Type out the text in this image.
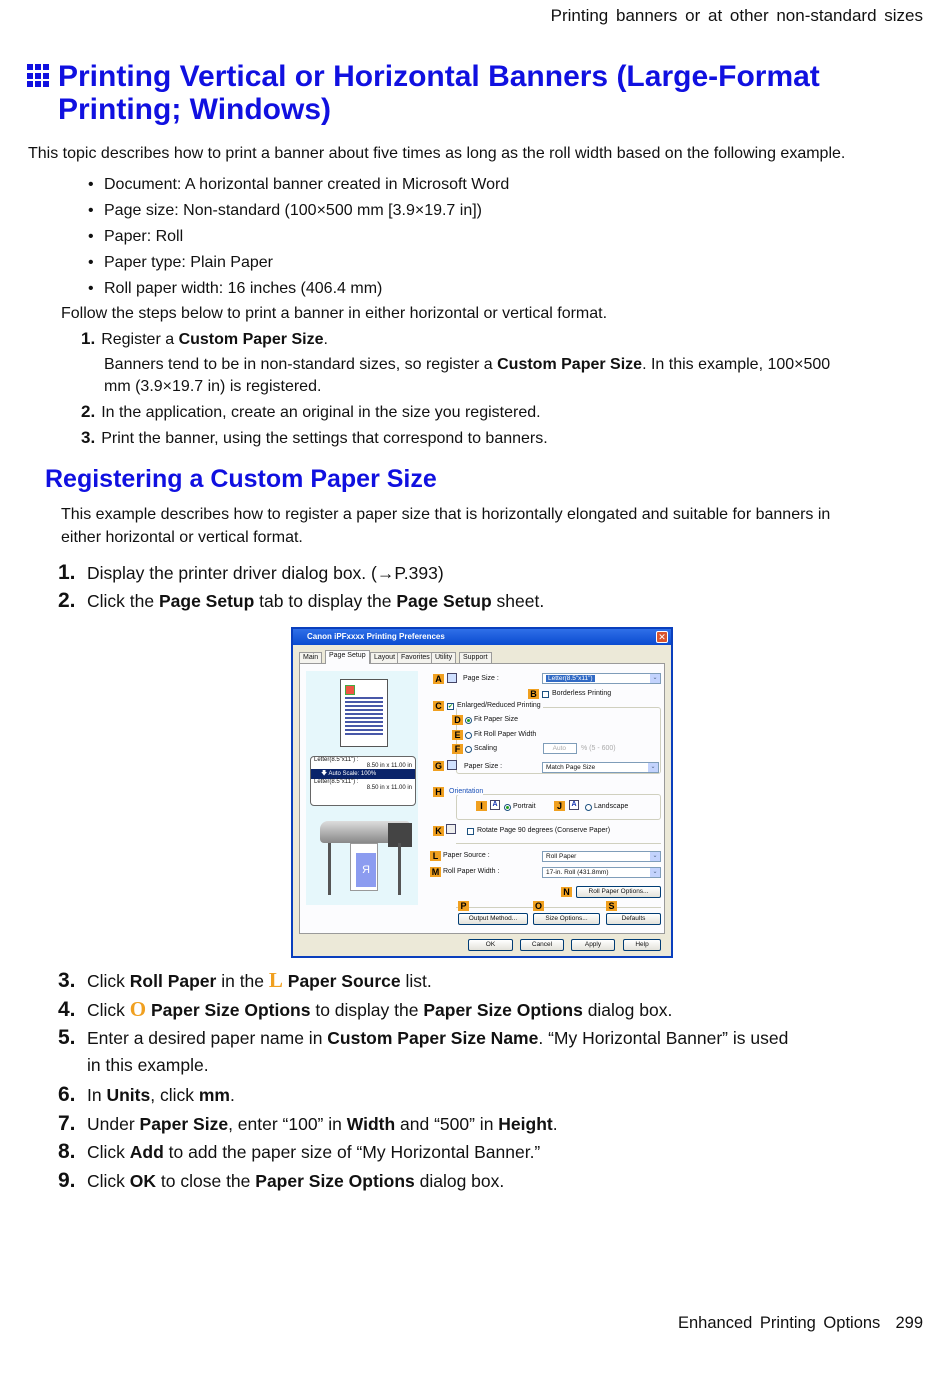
Printing banners or at other non-standard sizes
Printing Vertical or Horizontal Banners (Large-Format
Printing; Windows)
This topic describes how to print a banner about five times as long as the roll width based on the following example.
• Document: A horizontal banner created in Microsoft Word
• Page size: Non-standard (100×500 mm [3.9×19.7 in])
• Paper: Roll
• Paper type: Plain Paper
• Roll paper width: 16 inches (406.4 mm)
Follow the steps below to print a banner in either horizontal or vertical format.
1. Register a Custom Paper Size.
Banners tend to be in non-standard sizes, so register a Custom Paper Size. In this example, 100×500
mm (3.9×19.7 in) is registered.
2. In the application, create an original in the size you registered.
3. Print the banner, using the settings that correspond to banners.
Registering a Custom Paper Size
This example describes how to register a paper size that is horizontally elongated and suitable for banners in
either horizontal or vertical format.
1. Display the printer driver dialog box. (→P.393)
2. Click the Page Setup tab to display the Page Setup sheet.
Canon iPFxxxx Printing Preferences	✕
Main	Page Setup	Layout Favorites Utility	Support
Letter(8.5"x11") :
8.50 in x 11.00 in
🡇 Auto Scale: 100%
Letter(8.5"x11") :
8.50 in x 11.00 in
R
A	Page Size :	Letter(8.5"x11")	⌄
B	Borderless Printing
C	✔ Enlarged/Reduced Printing
D	Fit Paper Size
E	Fit Roll Paper Width
F	Scaling	Auto	% (5 - 600)
G	Paper Size :	Match Page Size	⌄
H	Orientation
I	A	Portrait	J	A	Landscape
K	Rotate Page 90 degrees (Conserve Paper)
L Paper Source :	Roll Paper	⌄
M Roll Paper Width :	17-in. Roll (431.8mm)	⌄
N	Roll Paper Options...
P	O	S
Output Method...	Size Options...	Defaults
OK	Cancel	Apply	Help
3. Click Roll Paper in the L Paper Source list.
4. Click O Paper Size Options to display the Paper Size Options dialog box.
5. Enter a desired paper name in Custom Paper Size Name. “My Horizontal Banner” is used
in this example.
6. In Units, click mm.
7. Under Paper Size, enter “100” in Width and “500” in Height.
8. Click Add to add the paper size of “My Horizontal Banner.”
9. Click OK to close the Paper Size Options dialog box.
Enhanced Printing Options 299
